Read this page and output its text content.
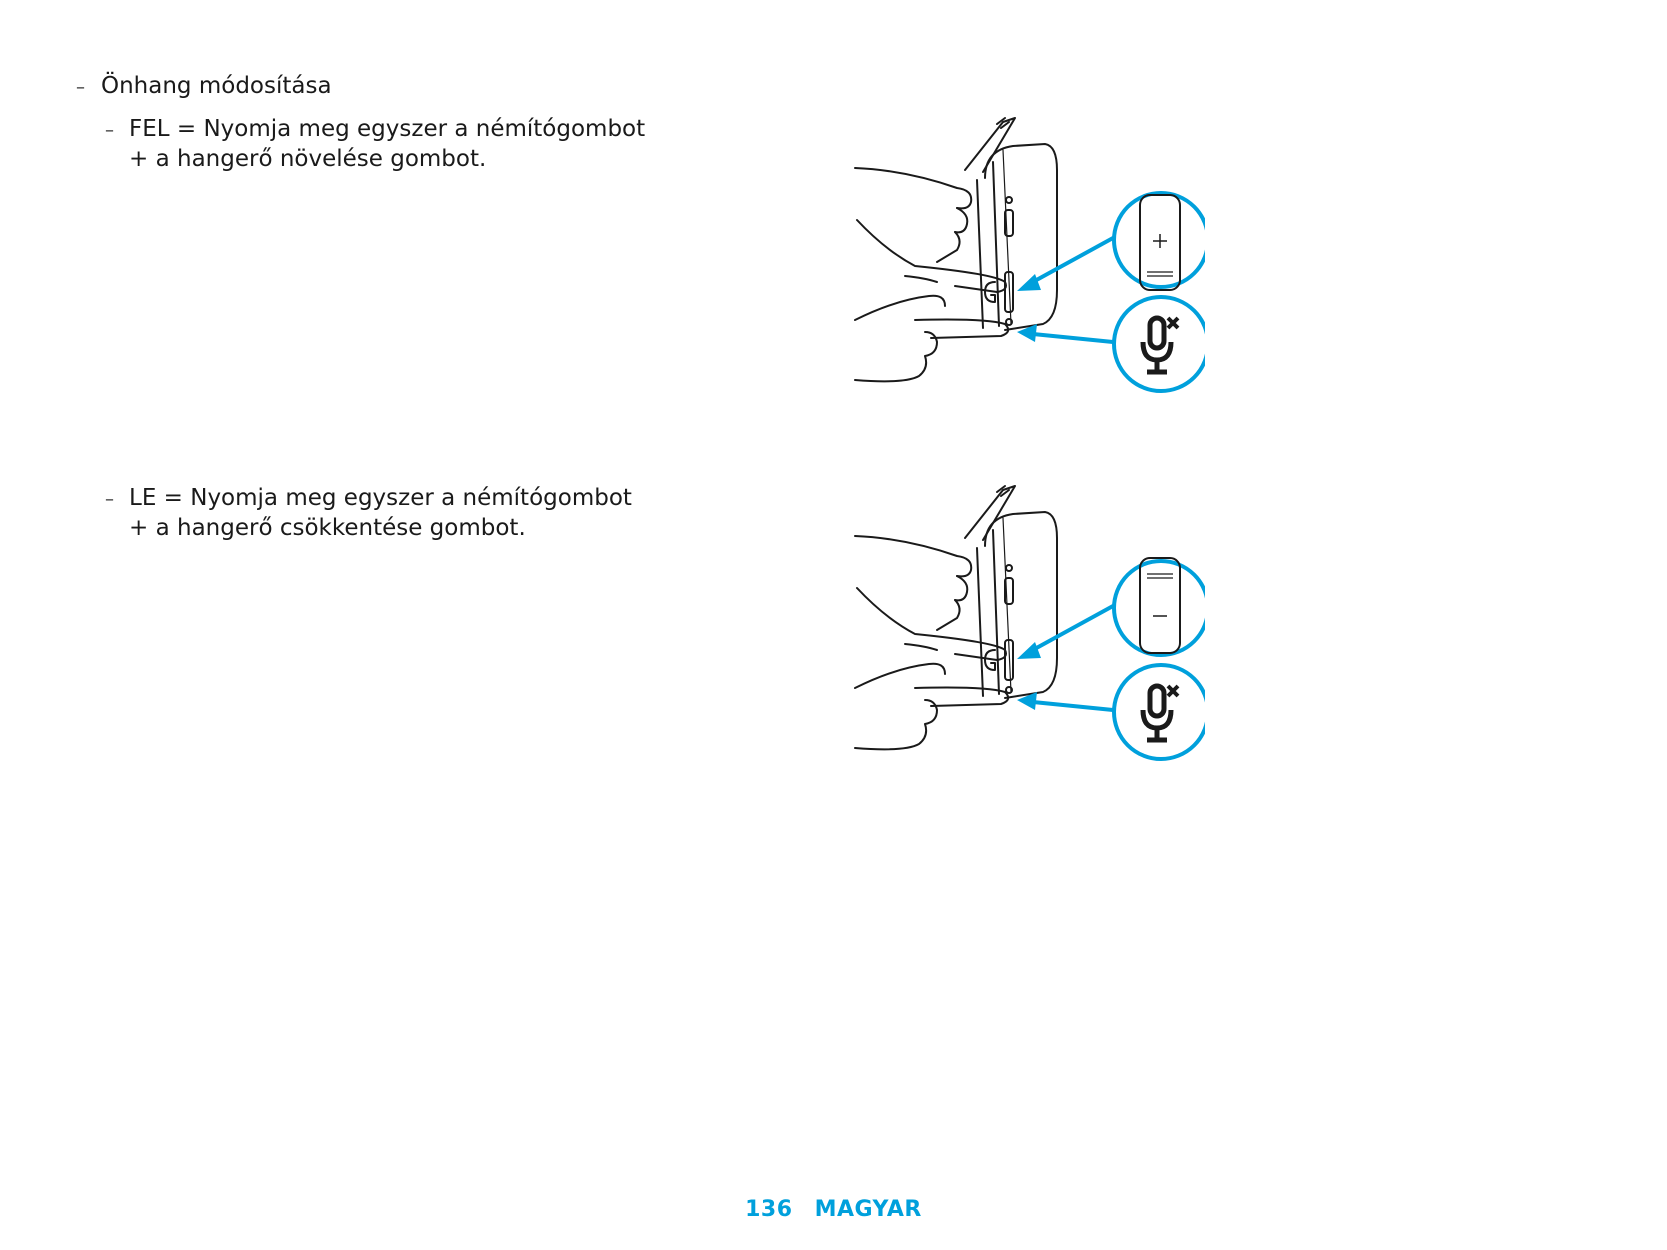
– Önhang módosítása
– FEL = Nyomja meg egyszer a némítógombot
+ a hangerő növelése gombot.
– LE = Nyomja meg egyszer a némítógombot
+ a hangerő csökkentése gombot.
136 MAGYAR
